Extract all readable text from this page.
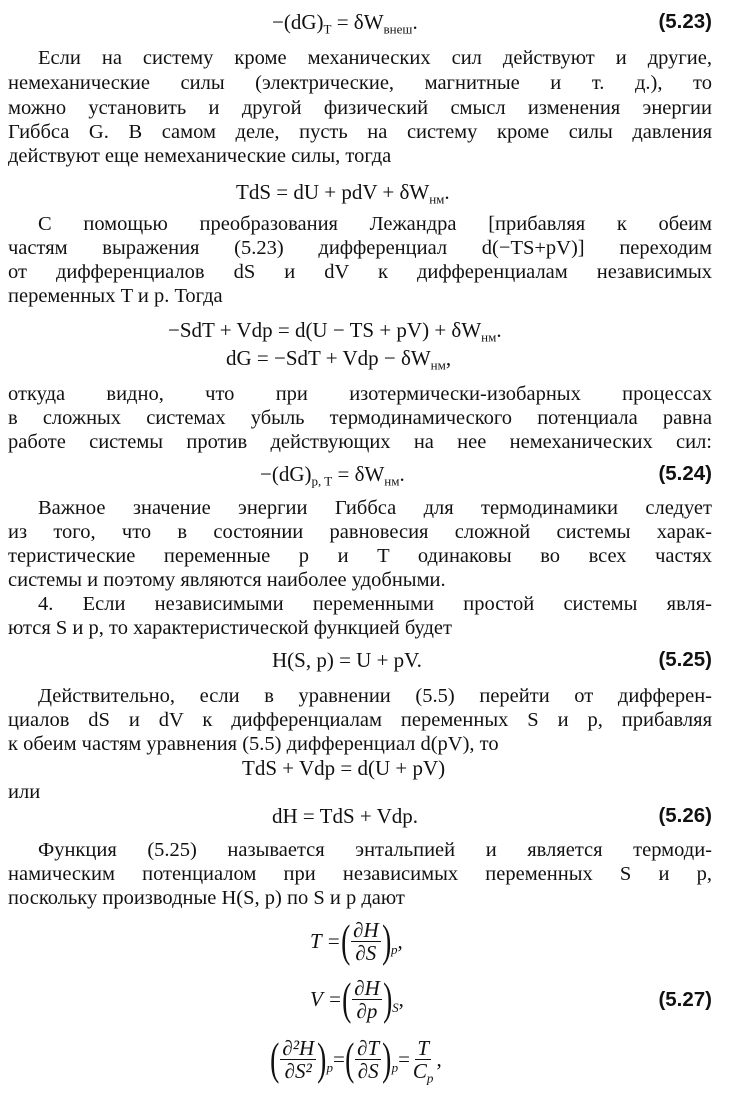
$-(dG)_T = \delta W_{внеш}$.	(5.23)
Если на систему кроме механических сил действуют и другие,
немеханические силы (электрические, магнитные и т. д.), то
можно установить и другой физический смысл изменения энергии
Гиббса G. В самом деле, пусть на систему кроме силы давления
действуют еще немеханические силы, тогда
TdS = dU + pdV + $\delta W_{нм}$.
С помощью преобразования Лежандра [прибавляя к обеим
частям выражения (5.23) дифференциал d(−TS+pV)] переходим
от дифференциалов dS и dV к дифференциалам независимых
переменных T и p. Тогда
−SdT + Vdp = d(U − TS + $pV) + \delta W_{нм}$.
dG = −SdT + Vdp − $\delta W_{нм}$,
откуда видно, что при изотермически-изобарных процессах
в сложных системах убыль термодинамического потенциала равна
работе системы против действующих на нее немеханических сил:
$-(dG)_{p, T} = \delta W_{нм}$.	(5.24)
Важное значение энергии Гиббса для термодинамики следует
из того, что в состоянии равновесия сложной системы харак-
теристические переменные p и T одинаковы во всех частях
системы и поэтому являются наиболее удобными.
4. Если независимыми переменными простой системы явля-
ются S и p, то характеристической функцией будет
H(S, p) = U + pV.	(5.25)
Действительно, если в уравнении (5.5) перейти от дифферен-
циалов dS и dV к дифференциалам переменных S и p, прибавляя
к обеим частям уравнения (5.5) дифференциал d(pV), то
TdS + Vdp = d(U + pV)
или
dH = TdS + Vdp.	(5.26)
Функция (5.25) называется энтальпией и является термоди-
намическим потенциалом при независимых переменных S и p,
поскольку производные H(S, p) по S и p дают
T = ( $\frac{\partial H}{\partial S}$ ) p ,
V = ( $\frac{\partial H}{\partial p}$ ) S ,	(5.27)
( $\frac{\text{∂²H}}{\text{∂S²}}$ ) p = ( $\frac{\partial T}{\partial S}$ ) $p = \frac{T}{C_p}$ ,
